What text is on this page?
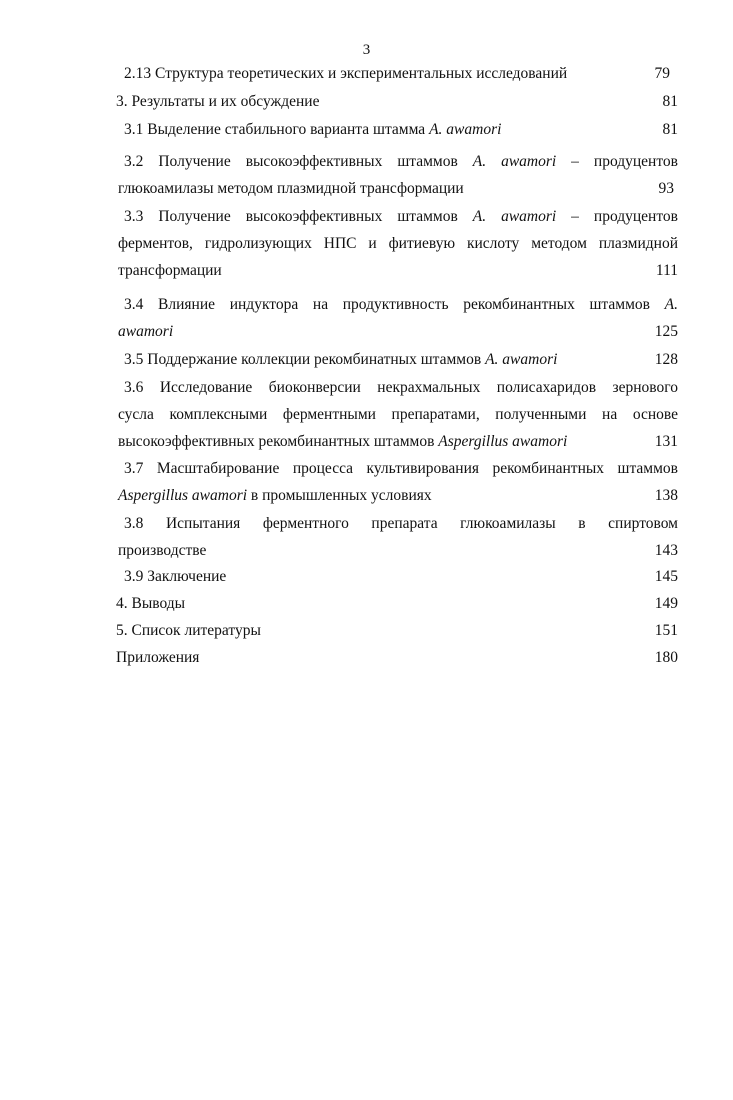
3
2.13 Структура теоретических и экспериментальных исследований	79
3. Результаты и их обсуждение	81
3.1 Выделение стабильного варианта штамма A. awamori	81
3.2 Получение высокоэффективных штаммов A. awamori – продуцентов
глюкоамилазы методом плазмидной трансформации	93
3.3 Получение высокоэффективных штаммов A. awamori – продуцентов
ферментов, гидролизующих НПС и фитиевую кислоту методом плазмидной
трансформации	111
3.4 Влияние индуктора на продуктивность рекомбинантных штаммов A.
awamori	125
3.5 Поддержание коллекции рекомбинатных штаммов A. awamori	128
3.6 Исследование биоконверсии некрахмальных полисахаридов зернового
сусла комплексными ферментными препаратами, полученными на основе
высокоэффективных рекомбинантных штаммов Aspergillus awamori	131
3.7 Масштабирование процесса культивирования рекомбинантных штаммов
Aspergillus awamori в промышленных условиях	138
3.8 Испытания ферментного препарата глюкоамилазы в спиртовом
производстве	143
3.9 Заключение	145
4. Выводы	149
5. Список литературы	151
Приложения	180
